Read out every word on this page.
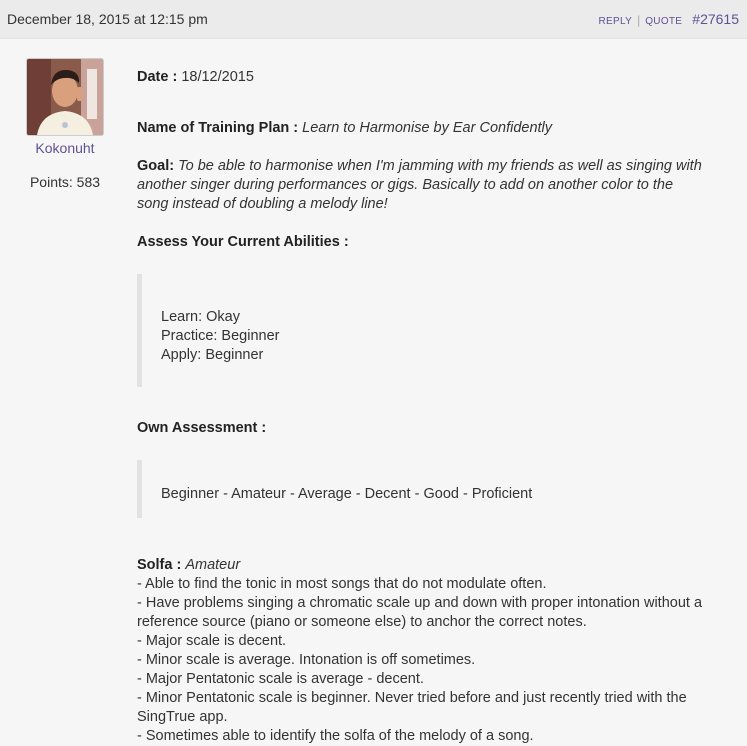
December 18, 2015 at 12:15 pm	REPLY | QUOTE #27615
Kokonuht
Points: 583

Date : 18/12/2015

Name of Training Plan : Learn to Harmonise by Ear Confidently

Goal: To be able to harmonise when I'm jamming with my friends as well as singing with
another singer during performances or gigs. Basically to add on another color to the
song instead of doubling a melody line!

Assess Your Current Abilities :

Learn: Okay
Practice: Beginner
Apply: Beginner

Own Assessment :

Beginner - Amateur - Average - Decent - Good - Proficient

Solfa : Amateur

- Able to find the tonic in most songs that do not modulate often.
- Have problems singing a chromatic scale up and down with proper intonation without a
reference source (piano or someone else) to anchor the correct notes.
- Major scale is decent.
- Minor scale is average. Intonation is off sometimes.
- Major Pentatonic scale is average - decent.
- Minor Pentatonic scale is beginner. Never tried before and just recently tried with the
SingTrue app.
- Sometimes able to identify the solfa of the melody of a song.
